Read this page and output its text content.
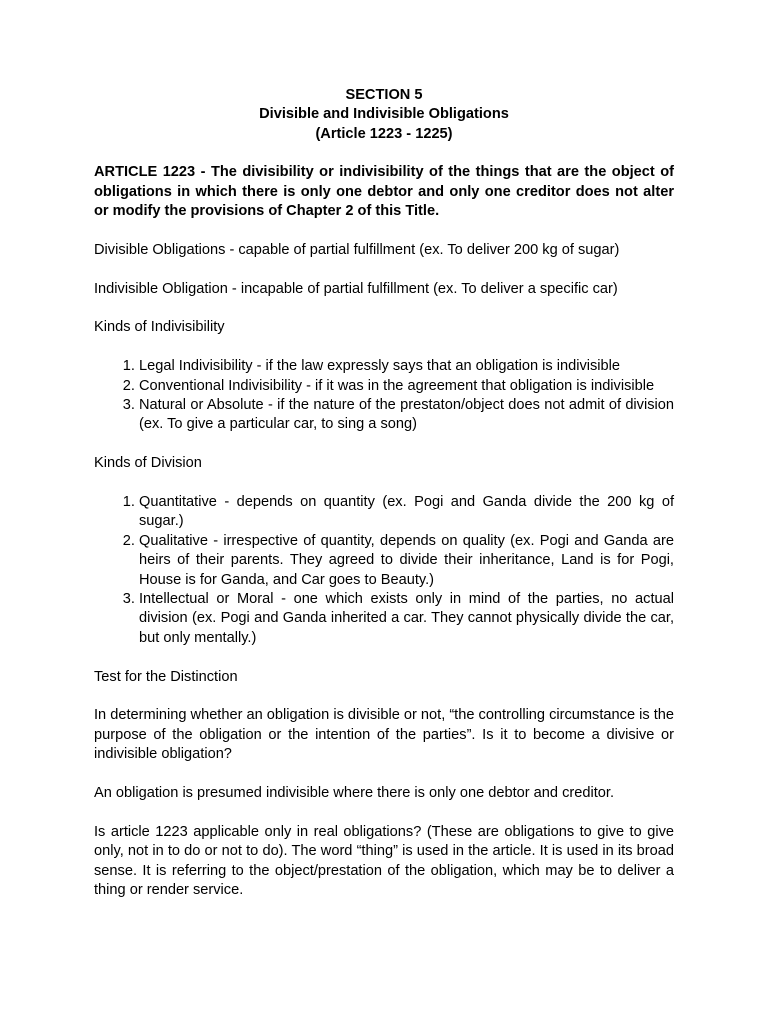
SECTION 5

Divisible and Indivisible Obligations

(Article 1223 - 1225)

ARTICLE 1223 - The divisibility or indivisibility of the things that are the object of obligations in which there is only one debtor and only one creditor does not alter or modify the provisions of Chapter 2 of this Title.

Divisible Obligations - capable of partial fulfillment (ex. To deliver 200 kg of sugar)

Indivisible Obligation - incapable of partial fulfillment (ex. To deliver a specific car)

Kinds of Indivisibility

1. Legal Indivisibility - if the law expressly says that an obligation is indivisible
2. Conventional Indivisibility - if it was in the agreement that obligation is indivisible
3. Natural or Absolute - if the nature of the prestaton/object does not admit of division (ex. To give a particular car, to sing a song)

Kinds of Division

1. Quantitative - depends on quantity (ex. Pogi and Ganda divide the 200 kg of sugar.)
2. Qualitative - irrespective of quantity, depends on quality (ex. Pogi and Ganda are heirs of their parents. They agreed to divide their inheritance, Land is for Pogi, House is for Ganda, and Car goes to Beauty.)
3. Intellectual or Moral - one which exists only in mind of the parties, no actual division (ex. Pogi and Ganda inherited a car. They cannot physically divide the car, but only mentally.)

Test for the Distinction

In determining whether an obligation is divisible or not, “the controlling circumstance is the purpose of the obligation or the intention of the parties”. Is it to become a divisive or indivisible obligation?

An obligation is presumed indivisible where there is only one debtor and creditor.

Is article 1223 applicable only in real obligations? (These are obligations to give to give only, not in to do or not to do). The word “thing” is used in the article. It is used in its broad sense. It is referring to the object/prestation of the obligation, which may be to deliver a thing or render service.
